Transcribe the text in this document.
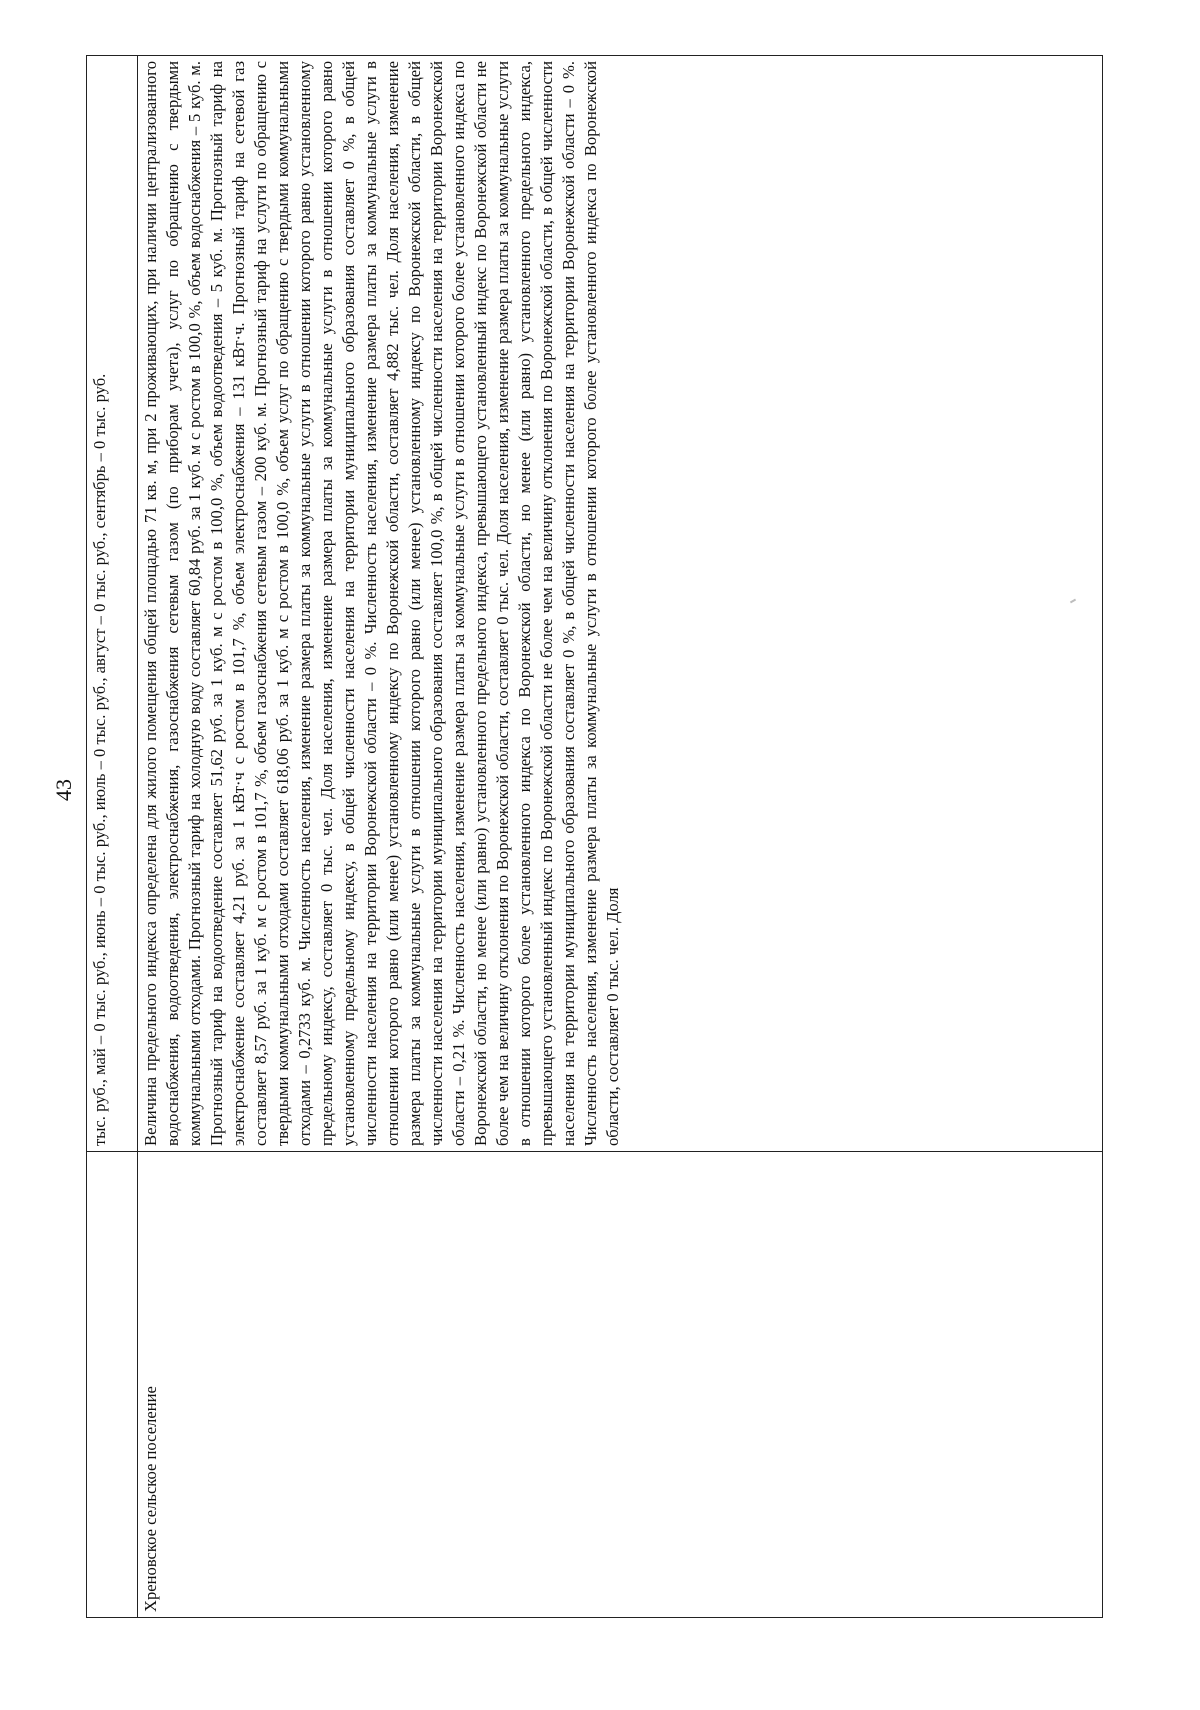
43

	тыс. руб., май – 0 тыс. руб., июнь – 0 тыс. руб., июль – 0 тыс. руб., август – 0 тыс. руб., сентябрь – 0 тыс. руб.

Хреновское сельское поселение	Величина предельного индекса определена для жилого помещения общей площадью 71 кв. м, при 2 проживающих, при наличии централизованного водоснабжения, водоотведения, электроснабжения, газоснабжения сетевым газом (по приборам учета), услуг по обращению с твердыми коммунальными отходами. Прогнозный тариф на холодную воду составляет 60,84 руб. за 1 куб. м с ростом в 100,0 %, объем водоснабжения – 5 куб. м. Прогнозный тариф на водоотведение составляет 51,62 руб. за 1 куб. м с ростом в 100,0 %, объем водоотведения – 5 куб. м. Прогнозный тариф на электроснабжение составляет 4,21 руб. за 1 кВт·ч с ростом в 101,7 %, объем электроснабжения – 131 кВт·ч. Прогнозный тариф на сетевой газ составляет 8,57 руб. за 1 куб. м с ростом в 101,7 %, объем газоснабжения сетевым газом – 200 куб. м. Прогнозный тариф на услуги по обращению с твердыми коммунальными отходами составляет 618,06 руб. за 1 куб. м с ростом в 100,0 %, объем услуг по обращению с твердыми коммунальными отходами – 0,2733 куб. м. Численность населения, изменение размера платы за коммунальные услуги в отношении которого равно установленному предельному индексу, составляет 0 тыс. чел. Доля населения, изменение размера платы за коммунальные услуги в отношении которого равно установленному предельному индексу, в общей численности населения на территории муниципального образования составляет 0 %, в общей численности населения на территории Воронежской области – 0 %. Численность населения, изменение размера платы за коммунальные услуги в отношении которого равно (или менее) установленному индексу по Воронежской области, составляет 4,882 тыс. чел. Доля населения, изменение размера платы за коммунальные услуги в отношении которого равно (или менее) установленному индексу по Воронежской области, в общей численности населения на территории муниципального образования составляет 100,0 %, в общей численности населения на территории Воронежской области – 0,21 %. Численность населения, изменение размера платы за коммунальные услуги в отношении которого более установленного индекса по Воронежской области, но менее (или равно) установленного предельного индекса, превышающего установленный индекс по Воронежской области не более чем на величину отклонения по Воронежской области, составляет 0 тыс. чел. Доля населения, изменение размера платы за коммунальные услуги в отношении которого более установленного индекса по Воронежской области, но менее (или равно) установленного предельного индекса, превышающего установленный индекс по Воронежской области не более чем на величину отклонения по Воронежской области, в общей численности населения на территории муниципального образования составляет 0 %, в общей численности населения на территории Воронежской области – 0 %. Численность населения, изменение размера платы за коммунальные услуги в отношении которого более установленного индекса по Воронежской области, составляет 0 тыс. чел. Доля
